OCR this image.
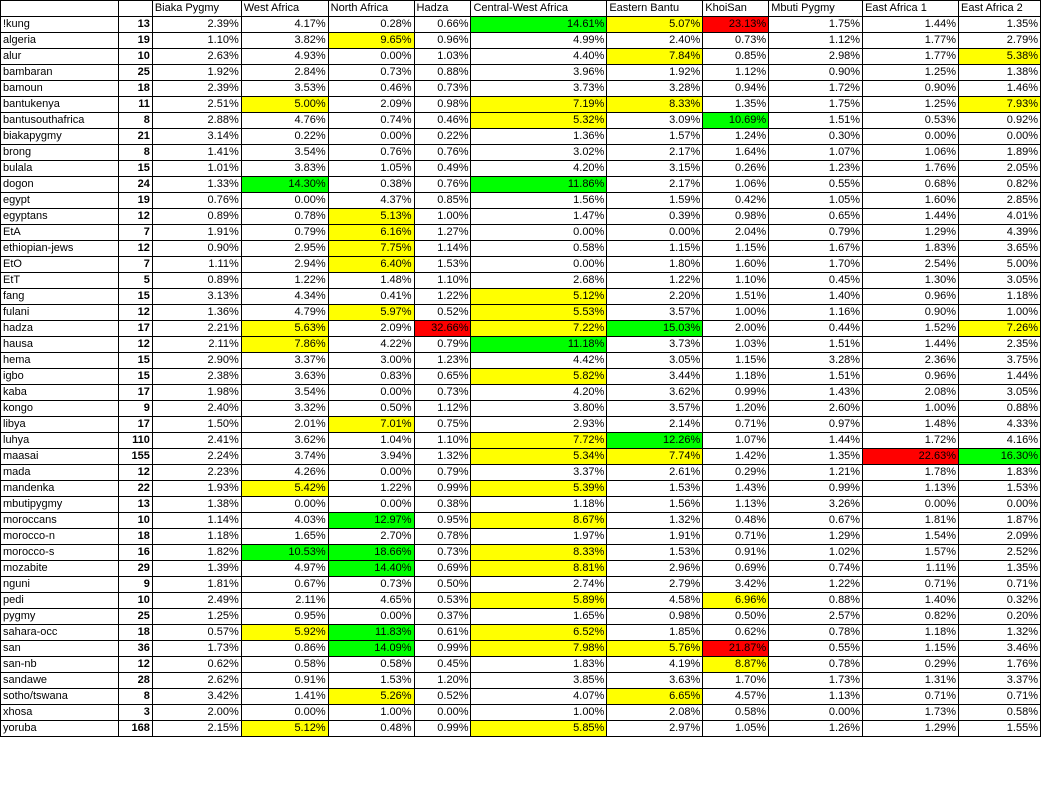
		Biaka Pygmy	West Africa	North Africa	Hadza	Central-West Africa	Eastern Bantu	KhoiSan	Mbuti Pygmy	East Africa 1	East Africa 2
!kung	13	2.39%	4.17%	0.28%	0.66%	14.61%	5.07%	23.13%	1.75%	1.44%	1.35%
algeria	19	1.10%	3.82%	9.65%	0.96%	4.99%	2.40%	0.73%	1.12%	1.77%	2.79%
alur	10	2.63%	4.93%	0.00%	1.03%	4.40%	7.84%	0.85%	2.98%	1.77%	5.38%
bambaran	25	1.92%	2.84%	0.73%	0.88%	3.96%	1.92%	1.12%	0.90%	1.25%	1.38%
bamoun	18	2.39%	3.53%	0.46%	0.73%	3.73%	3.28%	0.94%	1.72%	0.90%	1.46%
bantukenya	11	2.51%	5.00%	2.09%	0.98%	7.19%	8.33%	1.35%	1.75%	1.25%	7.93%
bantusouthafrica	8	2.88%	4.76%	0.74%	0.46%	5.32%	3.09%	10.69%	1.51%	0.53%	0.92%
biakapygmy	21	3.14%	0.22%	0.00%	0.22%	1.36%	1.57%	1.24%	0.30%	0.00%	0.00%
brong	8	1.41%	3.54%	0.76%	0.76%	3.02%	2.17%	1.64%	1.07%	1.06%	1.89%
bulala	15	1.01%	3.83%	1.05%	0.49%	4.20%	3.15%	0.26%	1.23%	1.76%	2.05%
dogon	24	1.33%	14.30%	0.38%	0.76%	11.86%	2.17%	1.06%	0.55%	0.68%	0.82%
egypt	19	0.76%	0.00%	4.37%	0.85%	1.56%	1.59%	0.42%	1.05%	1.60%	2.85%
egyptans	12	0.89%	0.78%	5.13%	1.00%	1.47%	0.39%	0.98%	0.65%	1.44%	4.01%
EtA	7	1.91%	0.79%	6.16%	1.27%	0.00%	0.00%	2.04%	0.79%	1.29%	4.39%
ethiopian-jews	12	0.90%	2.95%	7.75%	1.14%	0.58%	1.15%	1.15%	1.67%	1.83%	3.65%
EtO	7	1.11%	2.94%	6.40%	1.53%	0.00%	1.80%	1.60%	1.70%	2.54%	5.00%
EtT	5	0.89%	1.22%	1.48%	1.10%	2.68%	1.22%	1.10%	0.45%	1.30%	3.05%
fang	15	3.13%	4.34%	0.41%	1.22%	5.12%	2.20%	1.51%	1.40%	0.96%	1.18%
fulani	12	1.36%	4.79%	5.97%	0.52%	5.53%	3.57%	1.00%	1.16%	0.90%	1.00%
hadza	17	2.21%	5.63%	2.09%	32.66%	7.22%	15.03%	2.00%	0.44%	1.52%	7.26%
hausa	12	2.11%	7.86%	4.22%	0.79%	11.18%	3.73%	1.03%	1.51%	1.44%	2.35%
hema	15	2.90%	3.37%	3.00%	1.23%	4.42%	3.05%	1.15%	3.28%	2.36%	3.75%
igbo	15	2.38%	3.63%	0.83%	0.65%	5.82%	3.44%	1.18%	1.51%	0.96%	1.44%
kaba	17	1.98%	3.54%	0.00%	0.73%	4.20%	3.62%	0.99%	1.43%	2.08%	3.05%
kongo	9	2.40%	3.32%	0.50%	1.12%	3.80%	3.57%	1.20%	2.60%	1.00%	0.88%
libya	17	1.50%	2.01%	7.01%	0.75%	2.93%	2.14%	0.71%	0.97%	1.48%	4.33%
luhya	110	2.41%	3.62%	1.04%	1.10%	7.72%	12.26%	1.07%	1.44%	1.72%	4.16%
maasai	155	2.24%	3.74%	3.94%	1.32%	5.34%	7.74%	1.42%	1.35%	22.63%	16.30%
mada	12	2.23%	4.26%	0.00%	0.79%	3.37%	2.61%	0.29%	1.21%	1.78%	1.83%
mandenka	22	1.93%	5.42%	1.22%	0.99%	5.39%	1.53%	1.43%	0.99%	1.13%	1.53%
mbutipygmy	13	1.38%	0.00%	0.00%	0.38%	1.18%	1.56%	1.13%	3.26%	0.00%	0.00%
moroccans	10	1.14%	4.03%	12.97%	0.95%	8.67%	1.32%	0.48%	0.67%	1.81%	1.87%
morocco-n	18	1.18%	1.65%	2.70%	0.78%	1.97%	1.91%	0.71%	1.29%	1.54%	2.09%
morocco-s	16	1.82%	10.53%	18.66%	0.73%	8.33%	1.53%	0.91%	1.02%	1.57%	2.52%
mozabite	29	1.39%	4.97%	14.40%	0.69%	8.81%	2.96%	0.69%	0.74%	1.11%	1.35%
nguni	9	1.81%	0.67%	0.73%	0.50%	2.74%	2.79%	3.42%	1.22%	0.71%	0.71%
pedi	10	2.49%	2.11%	4.65%	0.53%	5.89%	4.58%	6.96%	0.88%	1.40%	0.32%
pygmy	25	1.25%	0.95%	0.00%	0.37%	1.65%	0.98%	0.50%	2.57%	0.82%	0.20%
sahara-occ	18	0.57%	5.92%	11.83%	0.61%	6.52%	1.85%	0.62%	0.78%	1.18%	1.32%
san	36	1.73%	0.86%	14.09%	0.99%	7.98%	5.76%	21.87%	0.55%	1.15%	3.46%
san-nb	12	0.62%	0.58%	0.58%	0.45%	1.83%	4.19%	8.87%	0.78%	0.29%	1.76%
sandawe	28	2.62%	0.91%	1.53%	1.20%	3.85%	3.63%	1.70%	1.73%	1.31%	3.37%
sotho/tswana	8	3.42%	1.41%	5.26%	0.52%	4.07%	6.65%	4.57%	1.13%	0.71%	0.71%
xhosa	3	2.00%	0.00%	1.00%	0.00%	1.00%	2.08%	0.58%	0.00%	1.73%	0.58%
yoruba	168	2.15%	5.12%	0.48%	0.99%	5.85%	2.97%	1.05%	1.26%	1.29%	1.55%
